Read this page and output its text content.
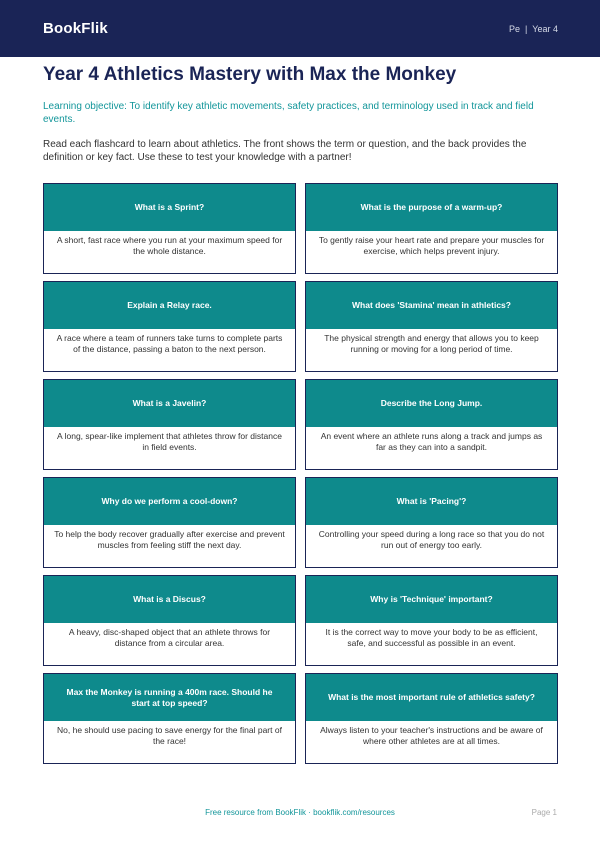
BookFlik	Pe | Year 4
Year 4 Athletics Mastery with Max the Monkey
Learning objective: To identify key athletic movements, safety practices, and terminology used in track and field events.
Read each flashcard to learn about athletics. The front shows the term or question, and the back provides the definition or key fact. Use these to test your knowledge with a partner!
What is a Sprint?
A short, fast race where you run at your maximum speed for the whole distance.
What is the purpose of a warm-up?
To gently raise your heart rate and prepare your muscles for exercise, which helps prevent injury.
Explain a Relay race.
A race where a team of runners take turns to complete parts of the distance, passing a baton to the next person.
What does 'Stamina' mean in athletics?
The physical strength and energy that allows you to keep running or moving for a long period of time.
What is a Javelin?
A long, spear-like implement that athletes throw for distance in field events.
Describe the Long Jump.
An event where an athlete runs along a track and jumps as far as they can into a sandpit.
Why do we perform a cool-down?
To help the body recover gradually after exercise and prevent muscles from feeling stiff the next day.
What is 'Pacing'?
Controlling your speed during a long race so that you do not run out of energy too early.
What is a Discus?
A heavy, disc-shaped object that an athlete throws for distance from a circular area.
Why is 'Technique' important?
It is the correct way to move your body to be as efficient, safe, and successful as possible in an event.
Max the Monkey is running a 400m race. Should he start at top speed?
No, he should use pacing to save energy for the final part of the race!
What is the most important rule of athletics safety?
Always listen to your teacher's instructions and be aware of where other athletes are at all times.
Free resource from BookFlik · bookflik.com/resources	Page 1
